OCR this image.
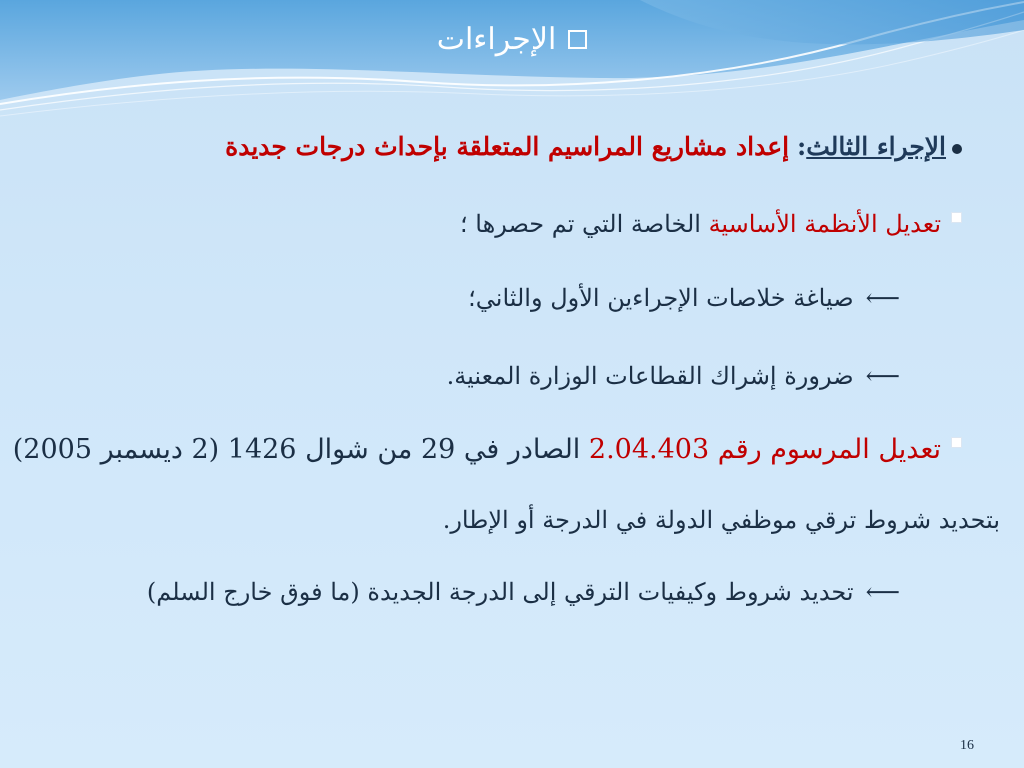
الإجراءات
الإجراء الثالث: إعداد مشاريع المراسيم المتعلقة بإحداث درجات جديدة
تعديل الأنظمة الأساسية الخاصة التي تم حصرها ؛
⟵صياغة خلاصات الإجراءين الأول والثاني؛
⟵ضرورة إشراك القطاعات الوزارة المعنية.
تعديل المرسوم رقم 2.04.403 الصادر في 29 من شوال 1426 (2 ديسمبر 2005)
بتحديد شروط ترقي موظفي الدولة في الدرجة أو الإطار.
⟵تحديد شروط وكيفيات الترقي إلى الدرجة الجديدة (ما فوق خارج السلم)
16
